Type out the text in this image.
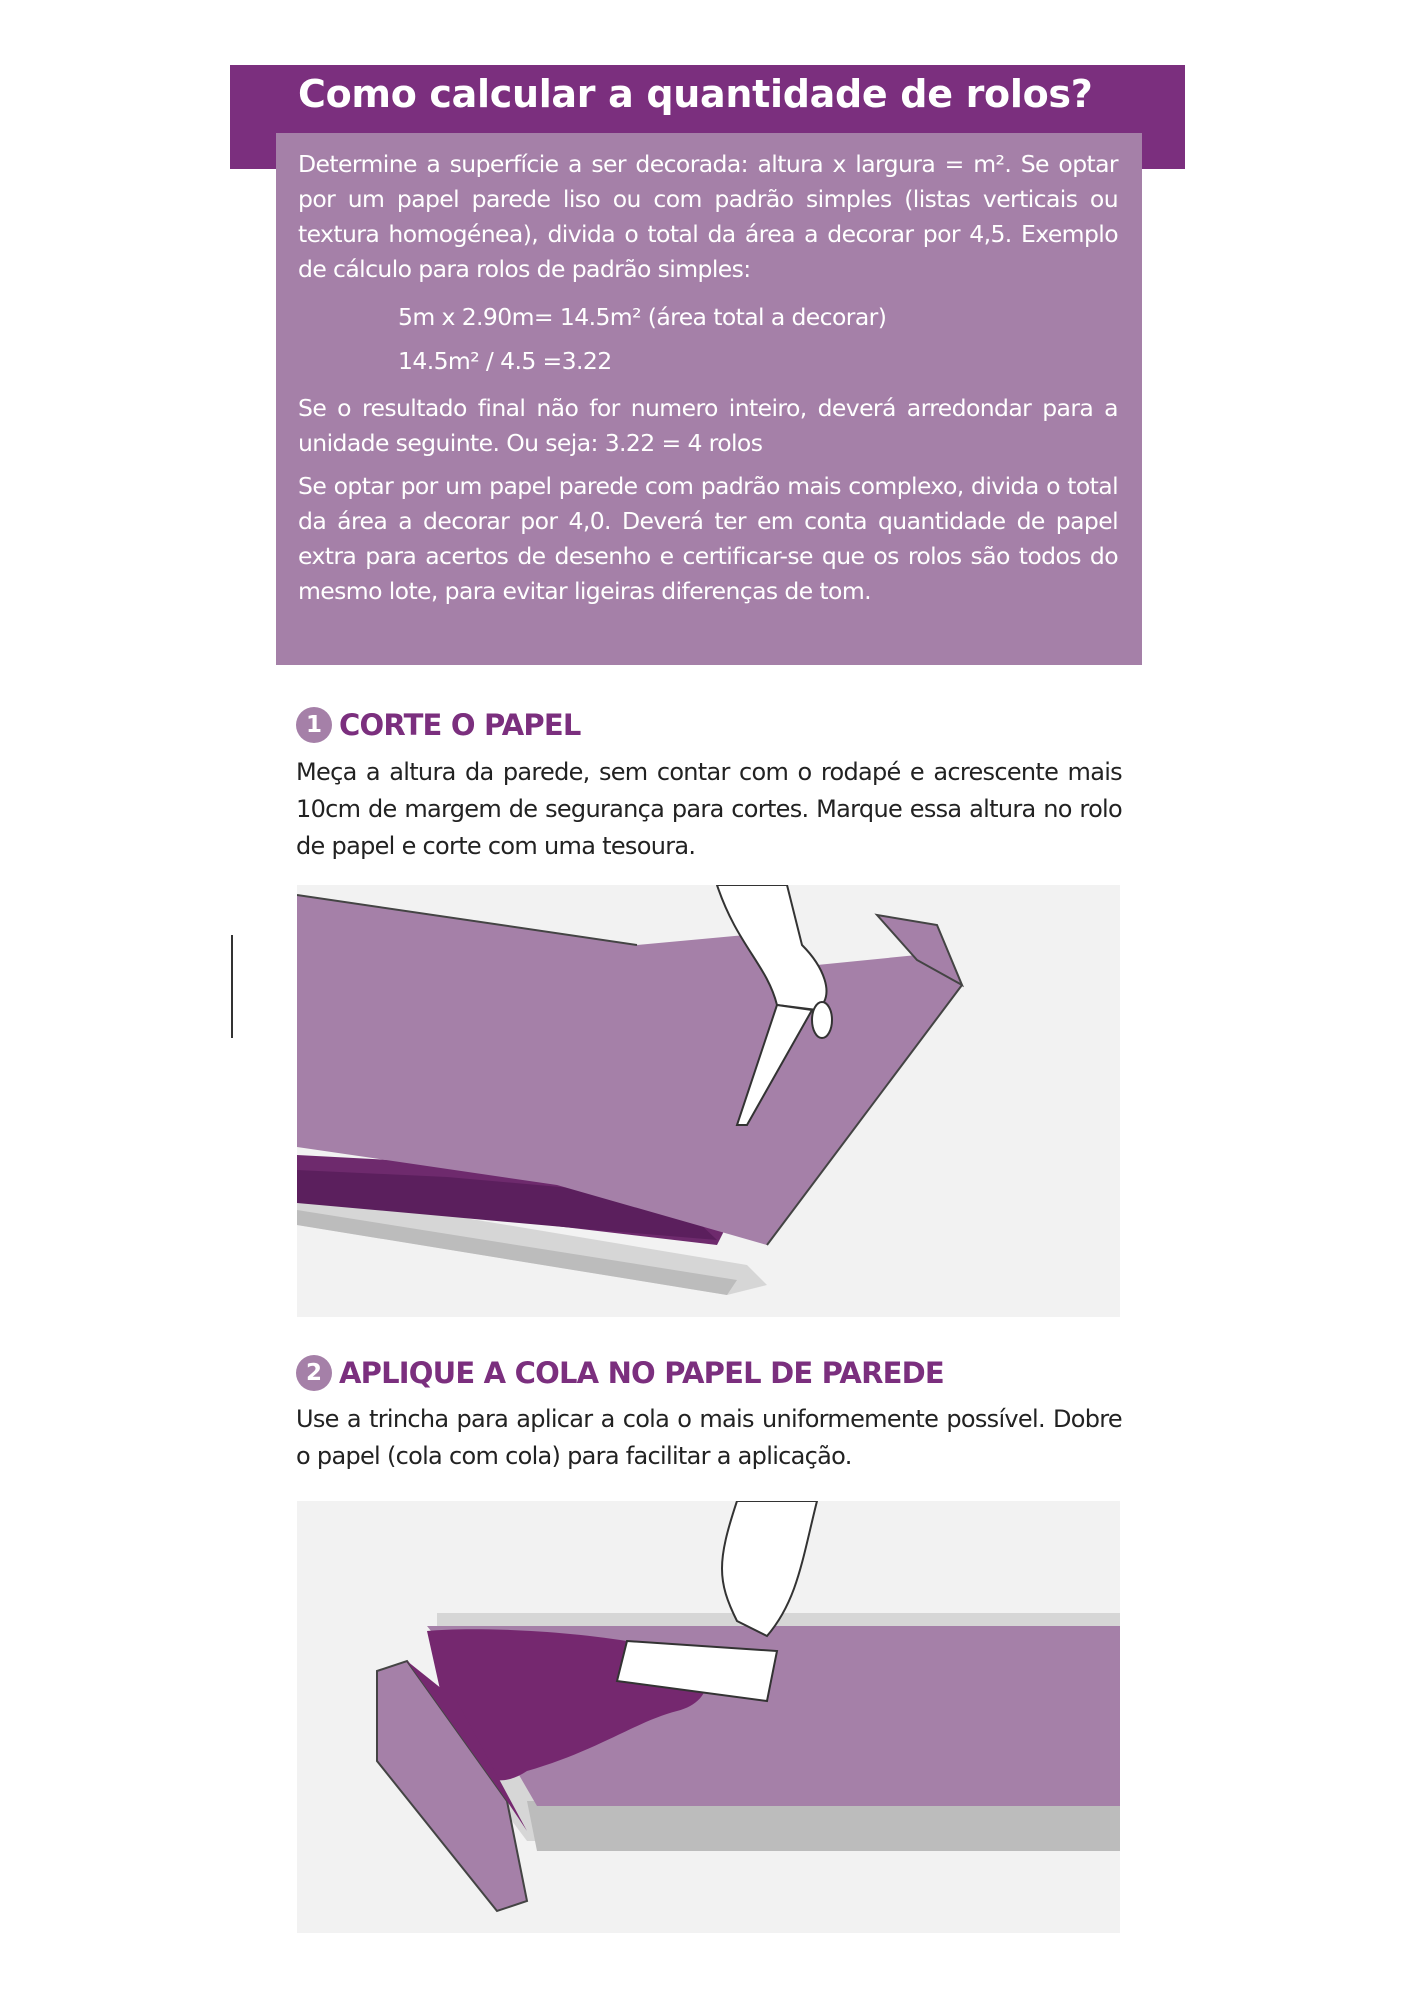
Como calcular a quantidade de rolos?

Determine a superfície a ser decorada: altura x largura = m². Se optar por um papel parede liso ou com padrão simples (listas verticais ou textura homogénea), divida o total da área a decorar por 4,5. Exemplo de cálculo para rolos de padrão simples:

5m x 2.90m= 14.5m² (área total a decorar)
14.5m² / 4.5 =3.22

Se o resultado final não for numero inteiro, deverá arredondar para a unidade seguinte. Ou seja: 3.22 = 4 rolos

Se optar por um papel parede com padrão mais complexo, divida o total da área a decorar por 4,0. Deverá ter em conta quantidade de papel extra para acertos de desenho e certificar-se que os rolos são todos do mesmo lote, para evitar ligeiras diferenças de tom.

1 CORTE O PAPEL

Meça a altura da parede, sem contar com o rodapé e acrescente mais 10cm de margem de segurança para cortes. Marque essa altura no rolo de papel e corte com uma tesoura.

2 APLIQUE A COLA NO PAPEL DE PAREDE

Use a trincha para aplicar a cola o mais uniformemente possível. Dobre o papel (cola com cola) para facilitar a aplicação.
